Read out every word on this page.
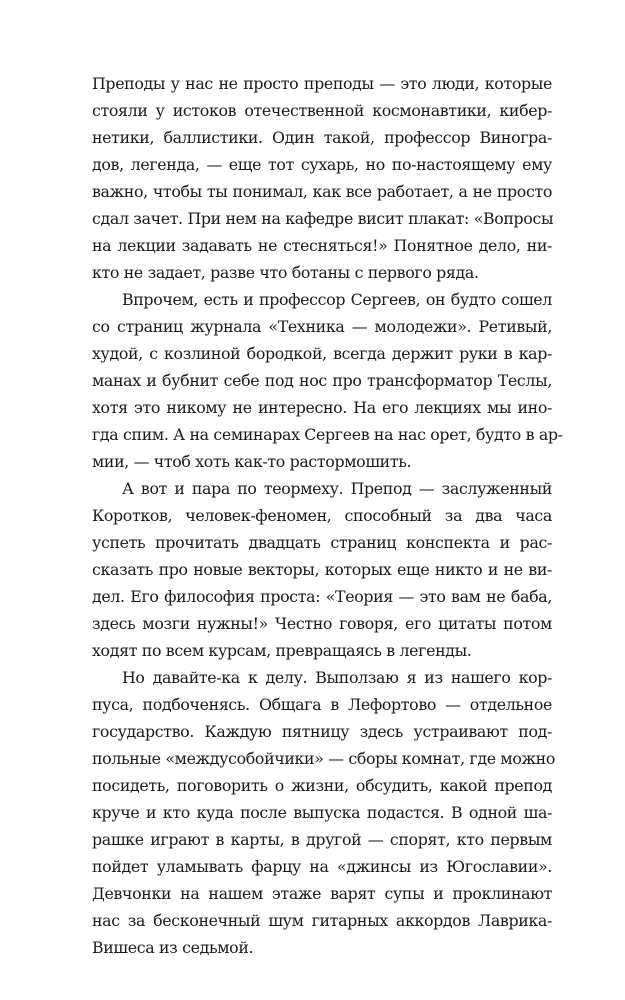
Преподы у нас не просто преподы — это люди, которые
стояли у истоков отечественной космонавтики, кибер-
нетики, баллистики. Один такой, профессор Виногра-
дов, легенда, — еще тот сухарь, но по-настоящему ему
важно, чтобы ты понимал, как все работает, а не просто
сдал зачет. При нем на кафедре висит плакат: «Вопросы
на лекции задавать не стесняться!» Понятное дело, ни-
кто не задает, разве что ботаны с первого ряда.
Впрочем, есть и профессор Сергеев, он будто сошел
со страниц журнала «Техника — молодежи». Ретивый,
худой, с козлиной бородкой, всегда держит руки в кар-
манах и бубнит себе под нос про трансформатор Теслы,
хотя это никому не интересно. На его лекциях мы ино-
гда спим. А на семинарах Сергеев на нас орет, будто в ар-
мии, — чтоб хоть как-то растормошить.
А вот и пара по теормеху. Препод — заслуженный
Коротков, человек-феномен, способный за два часа
успеть прочитать двадцать страниц конспекта и рас-
сказать про новые векторы, которых еще никто и не ви-
дел. Его философия проста: «Теория — это вам не баба,
здесь мозги нужны!» Честно говоря, его цитаты потом
ходят по всем курсам, превращаясь в легенды.
Но давайте-ка к делу. Выползаю я из нашего кор-
пуса, подбоченясь. Общага в Лефортово — отдельное
государство. Каждую пятницу здесь устраивают под-
польные «междусобойчики» — сборы комнат, где можно
посидеть, поговорить о жизни, обсудить, какой препод
круче и кто куда после выпуска подастся. В одной ша-
рашке играют в карты, в другой — спорят, кто первым
пойдет уламывать фарцу на «джинсы из Югославии».
Девчонки на нашем этаже варят супы и проклинают
нас за бесконечный шум гитарных аккордов Лаврика-
Вишеса из седьмой.
